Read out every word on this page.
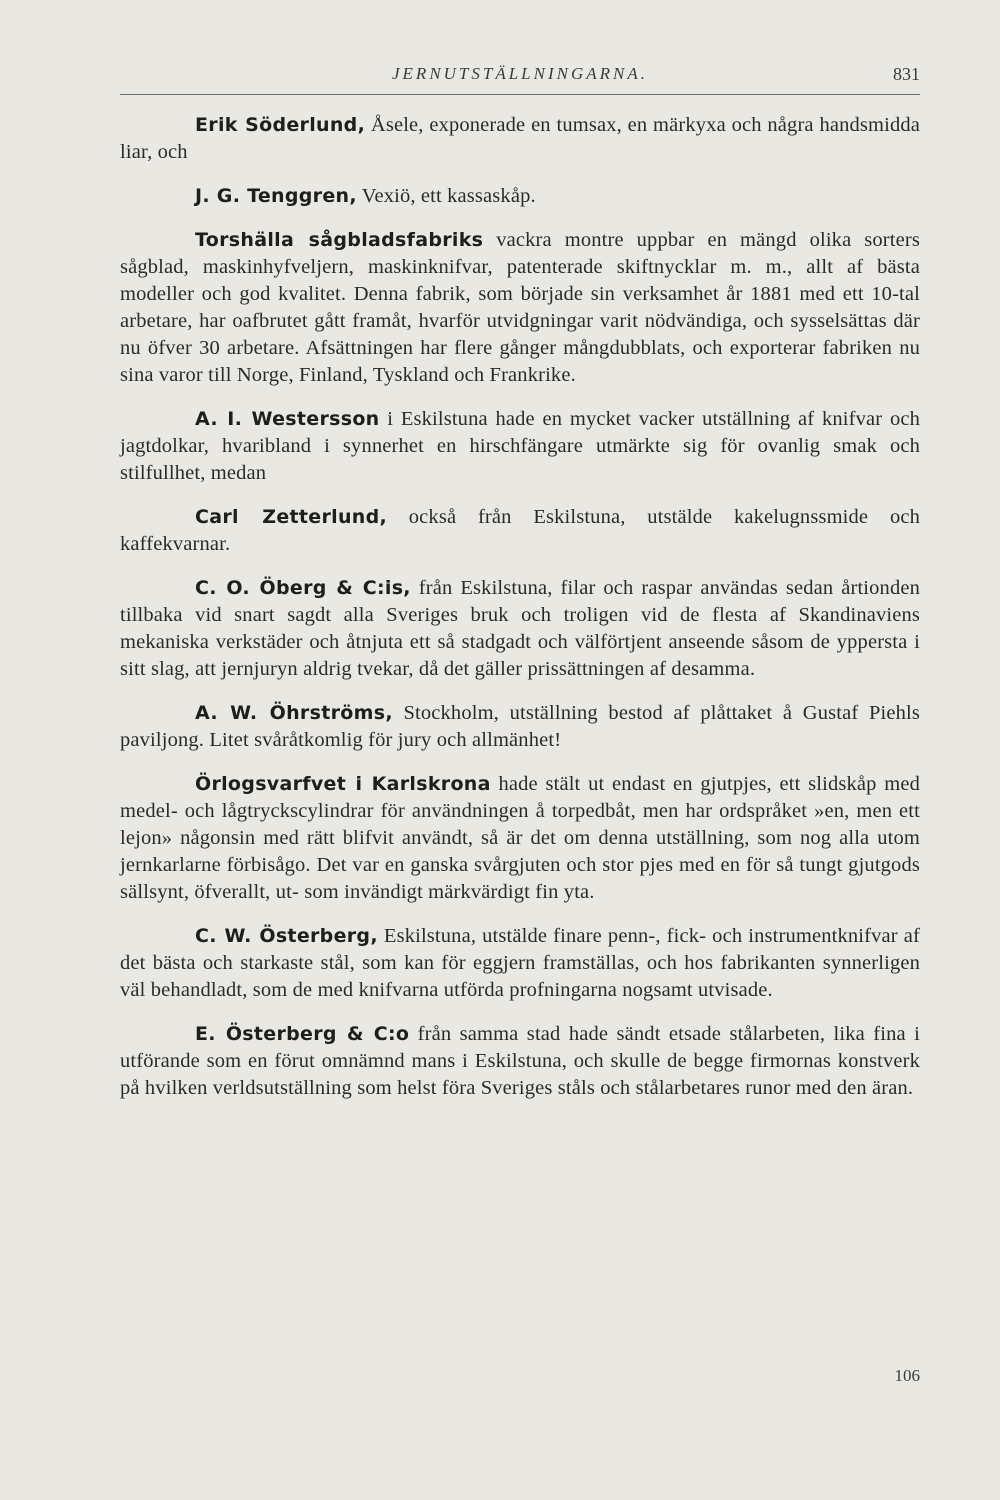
JERNUTSTÄLLNINGARNA.	831

Erik Söderlund, Åsele, exponerade en tumsax, en märkyxa och några handsmidda liar, och

J. G. Tenggren, Vexiö, ett kassaskåp.

Torshälla sågbladsfabriks vackra montre uppbar en mängd olika sorters sågblad, maskinhyfveljern, maskinknifvar, patenterade skiftnycklar m. m., allt af bästa modeller och god kvalitet. Denna fabrik, som började sin verksamhet år 1881 med ett 10-tal arbetare, har oafbrutet gått framåt, hvarför utvidgningar varit nödvändiga, och sysselsättas där nu öfver 30 arbetare. Afsättningen har flere gånger mångdubblats, och exporterar fabriken nu sina varor till Norge, Finland, Tyskland och Frankrike.

A. I. Westersson i Eskilstuna hade en mycket vacker utställning af knifvar och jagtdolkar, hvaribland i synnerhet en hirschfängare utmärkte sig för ovanlig smak och stilfullhet, medan

Carl Zetterlund, också från Eskilstuna, utstälde kakelugnssmide och kaffekvarnar.

C. O. Öberg & C:is, från Eskilstuna, filar och raspar användas sedan årtionden tillbaka vid snart sagdt alla Sveriges bruk och troligen vid de flesta af Skandinaviens mekaniska verkstäder och åtnjuta ett så stadgadt och välförtjent anseende såsom de yppersta i sitt slag, att jernjuryn aldrig tvekar, då det gäller prissättningen af desamma.

A. W. Öhrströms, Stockholm, utställning bestod af plåttaket å Gustaf Piehls paviljong. Litet svåråtkomlig för jury och allmänhet!

Örlogsvarfvet i Karlskrona hade stält ut endast en gjutpjes, ett slidskåp med medel- och lågtryckscylindrar för användningen å torpedbåt, men har ordspråket »en, men ett lejon» någonsin med rätt blifvit användt, så är det om denna utställning, som nog alla utom jernkarlarne förbisågo. Det var en ganska svårgjuten och stor pjes med en för så tungt gjutgods sällsynt, öfverallt, ut- som invändigt märkvärdigt fin yta.

C. W. Österberg, Eskilstuna, utstälde finare penn-, fick- och instrumentknifvar af det bästa och starkaste stål, som kan för eggjern framställas, och hos fabrikanten synnerligen väl behandladt, som de med knifvarna utförda profningarna nogsamt utvisade.

E. Österberg & C:o från samma stad hade sändt etsade stålarbeten, lika fina i utförande som en förut omnämnd mans i Eskilstuna, och skulle de begge firmornas konstverk på hvilken verldsutställning som helst föra Sveriges ståls och stålarbetares runor med den äran.

106
